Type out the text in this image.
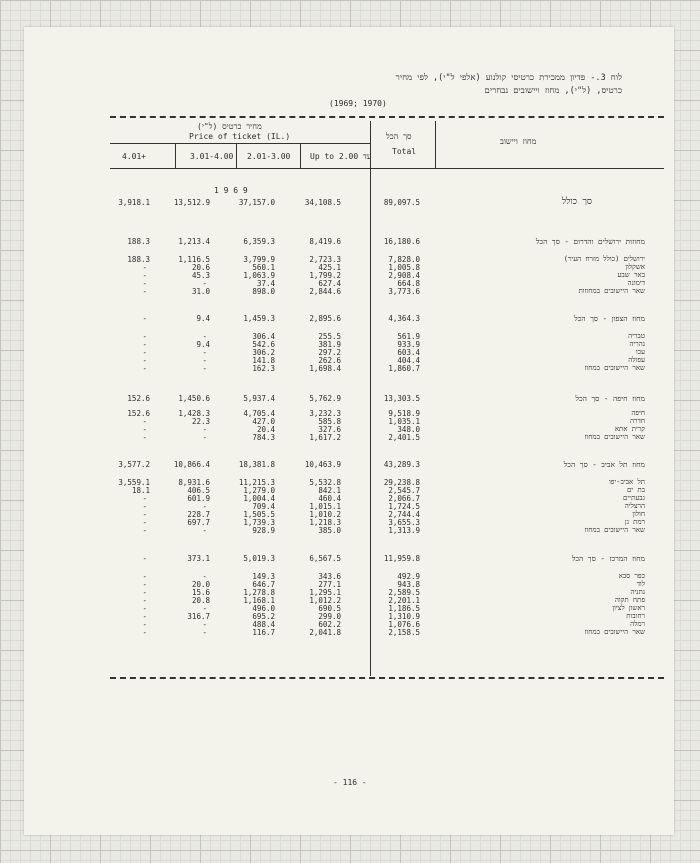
לוח 3.- פדיון ממכירת כרטיסי קולנוע (אלפי ל"י), לפי מחיר
כרטיס, (ל"י), מחוז ויישובים נבחרים
(1969; 1970)
מחיר כרטיס (ל"י)
Price of ticket (IL.)	סך הכל
Total
מחוז ויישוב
4.01+	3.01-4.00 2.01-3.00 Up to 2.00 עד
1 9 6 9
סך כולל
3,918.1	13,512.9	37,157.0	34,108.5	89,097.5
מחוזות ירושלים והדרום - סך הכל
188.3	1,213.4	6,359.3	8,419.6	16,180.6
ירושלים (כולל מזרח העיר)
188.3	1,116.5	3,799.9	2,723.3	7,828.0
אשקלון
-	20.6	560.1	425.1	1,005.8
באר שבע
-	45.3	1,063.9	1,799.2	2,908.4
דימונה
-	-	37.4	627.4	664.8
שאר היישובים במחוזות
-	31.0	898.0	2,844.6	3,773.6
מחוז הצפון - סך הכל
-	9.4	1,459.3	2,895.6	4,364.3
טבריה
-	-	306.4	255.5	561.9
נהריה
-	9.4	542.6	381.9	933.9
עכו
-	-	306.2	297.2	603.4
עפולה
-	-	141.8	262.6	404.4
שאר היישובים במחוז
-	-	162.3	1,698.4	1,860.7
מחוז חיפה - סך הכל
152.6	1,450.6	5,937.4	5,762.9	13,303.5
חיפה
152.6	1,428.3	4,705.4	3,232.3	9,518.9
חדרה
-	22.3	427.0	585.8	1,035.1
קרית אתא
-	-	20.4	327.6	348.0
שאר היישובים במחוז
-	-	784.3	1,617.2	2,401.5
מחוז תל אביב - סך הכל
3,577.2	10,866.4	18,381.8	10,463.9	43,289.3
תל אביב-יפו
3,559.1	8,931.6	11,215.3	5,532.8	29,238.8
בת ים
18.1	406.5	1,279.0	842.1	2,545.7
גבעתיים
-	601.9	1,004.4	460.4	2,066.7
הרצליה
-	-	709.4	1,015.1	1,724.5
חולון
-	228.7	1,505.5	1,010.2	2,744.4
רמת גן
-	697.7	1,739.3	1,218.3	3,655.3
שאר היישובים במחוז
-	-	928.9	385.0	1,313.9
מחוז המרכז - סך הכל
-	373.1	5,019.3	6,567.5	11,959.8
כפר סבא
-	-	149.3	343.6	492.9
לוד
-	20.0	646.7	277.1	943.8
נתניה
-	15.6	1,278.8	1,295.1	2,589.5
פתח תקוה
-	20.8	1,168.1	1,012.2	2,201.1
ראשון לציון
-	-	496.0	690.5	1,186.5
רחובות
-	316.7	695.2	299.0	1,310.9
רמלה
-	-	488.4	602.2	1,076.6
שאר היישובים במחוז
-	-	116.7	2,041.8	2,158.5
- 116 -
